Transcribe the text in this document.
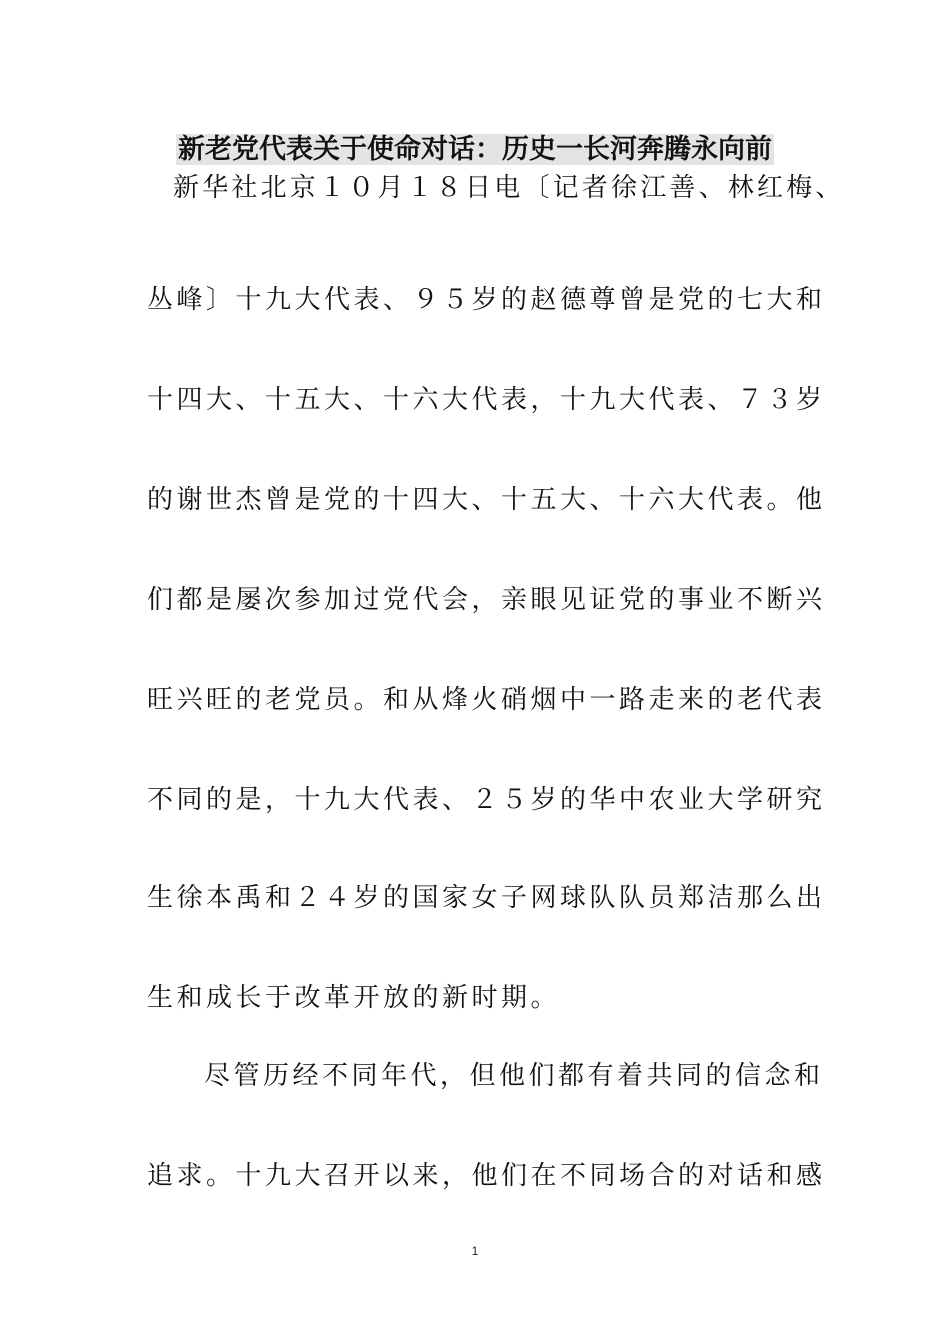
新老党代表关于使命对话：历史一长河奔腾永向前
新华社北京１０月１８日电〔记者徐江善、林红梅、
丛峰〕十九大代表、９５岁的赵德尊曾是党的七大和
十四大、十五大、十六大代表，十九大代表、７３岁
的谢世杰曾是党的十四大、十五大、十六大代表。他
们都是屡次参加过党代会，亲眼见证党的事业不断兴
旺兴旺的老党员。和从烽火硝烟中一路走来的老代表
不同的是，十九大代表、２５岁的华中农业大学研究
生徐本禹和２４岁的国家女子网球队队员郑洁那么出
生和成长于改革开放的新时期。
尽管历经不同年代，但他们都有着共同的信念和
追求。十九大召开以来，他们在不同场合的对话和感
1
